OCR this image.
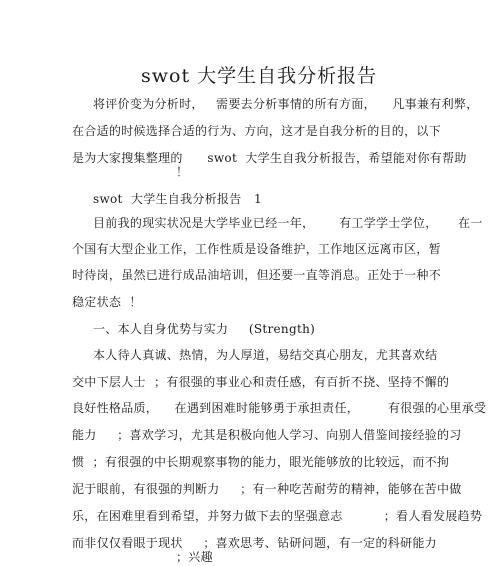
swot 大学生自我分析报告
将评价变为分析时，   需要去分析事情的所有方面，    凡事兼有利弊，
在合适的时候选择合适的行为、方向，这才是自我分析的目的，以下
是为大家搜集整理的      swot  大学生自我分析报告，希望能对你有帮助
！
swot  大学生自我分析报告   1
目前我的现实状况是大学毕业已经一年，      有工学学士学位，     在一
个国有大型企业工作，工作性质是设备维护，工作地区远离市区，暂
时待岗，虽然已进行成品油培训，但还要一直等消息。正处于一种不
稳定状态  ！
一、本人自身优势与实力     (Strength)
本人待人真诚、热情，为人厚道，易结交真心朋友，尤其喜欢结
交中下层人士  ；有很强的事业心和责任感，有百折不挠、坚持不懈的
良好性格品质，    在遇到困难时能够勇于承担责任，       有很强的心里承受
能力     ；喜欢学习，尤其是积极向他人学习、向别人借鉴间接经验的习
惯  ；有很强的中长期观察事物的能力，眼光能够放的比较远，而不拘
泥于眼前，有很强的判断力     ；有一种吃苦耐劳的精神，能够在苦中做
乐，在困难里看到希望，并努力做下去的坚强意志          ；看人看发展趋势
而非仅仅看眼于现状     ；喜欢思考、钻研问题，有一定的科研能力
；兴趣
